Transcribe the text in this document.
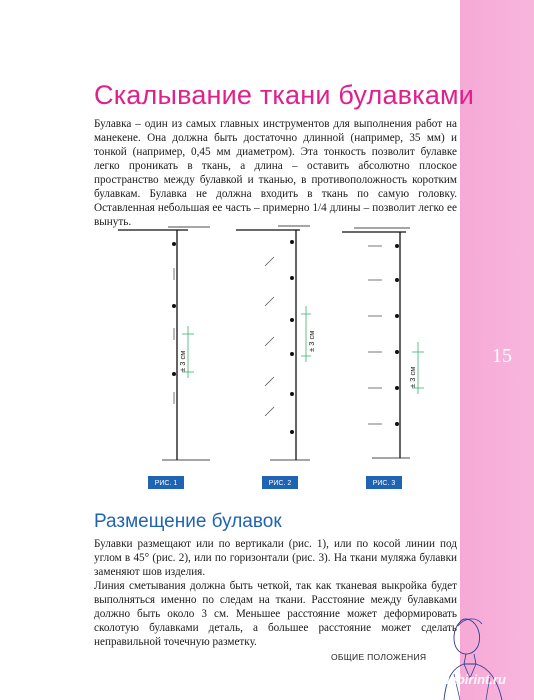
15
Скалывание ткани булавками

Булавка – один из самых главных инструментов для выполнения работ на манекене. Она должна быть достаточно длинной (например, 35 мм) и тонкой (например, 0,45 мм диаметром). Эта тонкость позволит булавке легко проникать в ткань, а длина – оставить абсолютно плоское пространство между булавкой и тканью, в противоположность коротким булавкам. Булавка не должна входить в ткань по самую головку. Оставленная небольшая ее часть – примерно 1/4 длины – позволит легко ее вынуть.

± 3 см
РИС. 1
± 3 см
РИС. 2
± 3 см
РИС. 3
Размещение булавок

Булавки размещают или по вертикали (рис. 1), или по косой линии под углом в 45° (рис. 2), или по горизонтали (рис. 3). На ткани муляжа булавки заменяют шов изделия.

Линия сметывания должна быть четкой, так как тканевая выкройка будет выполняться именно по следам на ткани. Расстояние между булавками должно быть около 3 см. Меньшее расстояние может деформировать сколотую булавками деталь, а большее расстояние может сделать неправильной точечную разметку.

ОБЩИЕ ПОЛОЖЕНИЯ
labirint.ru
